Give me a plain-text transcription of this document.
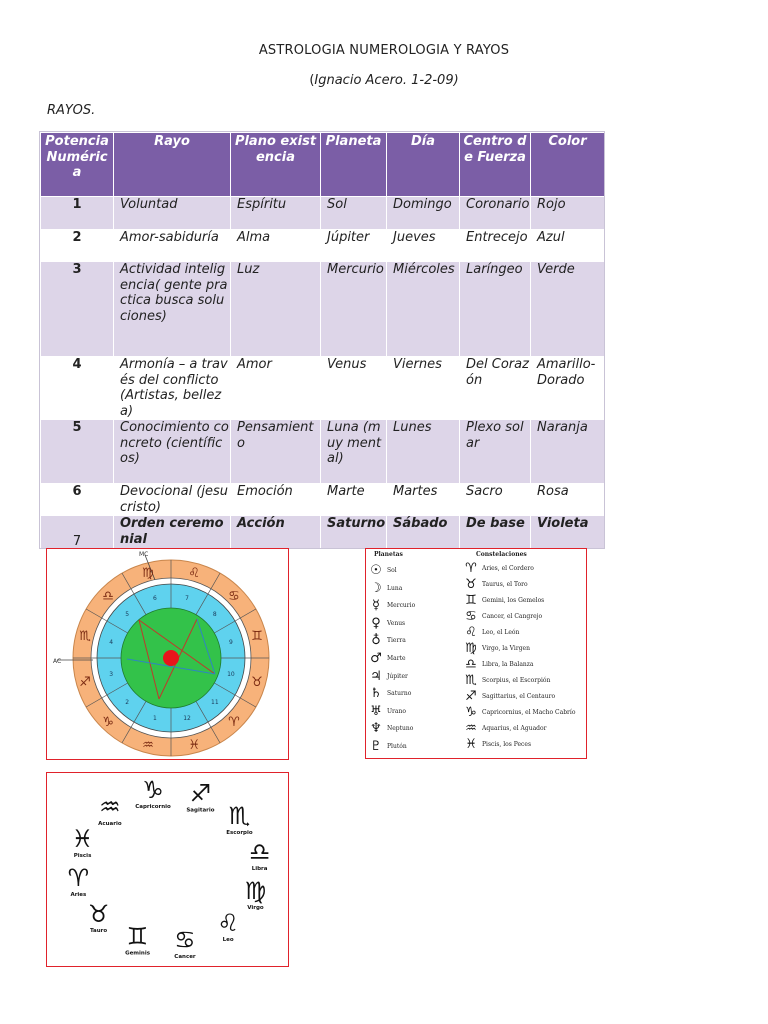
ASTROLOGIA NUMEROLOGIA Y RAYOS
(Ignacio Acero. 1-2-09)
RAYOS.
Potencia Numérica	Rayo	Plano existencia	Planeta	Día	Centro de Fuerza	Color
1	Voluntad	Espíritu	Sol	Domingo	Coronario	Rojo
2	Amor-sabiduría	Alma	Júpiter	Jueves	Entrecejo	Azul
3	Actividad inteligencia( gente practica busca soluciones)	Luz	Mercurio	Miércoles	Laríngeo	Verde
4	Armonía – a través del conflicto(Artistas, belleza)	Amor	Venus	Viernes	Del Corazón	Amarillo-Dorado
5	Conocimiento concreto (científicos)	Pensamiento	Luna (muy mental)	Lunes	Plexo solar	Naranja
6	Devocional (jesucristo)	Emoción	Marte	Martes	Sacro	Rosa
7	Orden ceremonial	Acción	Saturno	Sábado	De base	Violeta
AC
MC
♍	♌
♋
♊
♉
♈
♓
♒
♑
♐
♏
♎
10
11
12
1
2
3
4
5
6	7
8
9
Planetas	Constelaciones
☉ Sol
☽ Luna
☿	Mercurio
♀	Venus
♁	Tierra
♂ Marte
♃ Júpiter
♄ Saturno
♅ Urano
♆ Neptuno
♇ Plutón
♈ Aries, el Cordero
♉ Taurus, el Toro
♊ Gemini, los Gemelos
♋ Cancer, el Cangrejo
♌ Leo, el León
♍ Virgo, la Virgen
♎ Libra, la Balanza
♏ Scorpius, el Escorpión
♐ Sagittarius, el Centauro
♑ Capricornius, el Macho Cabrío
♒ Aquarius, el Aguador
♓ Piscis, los Peces
♑
Capricornio ♐
Sagitario ♏
Escorpio
♎
Libra
♍
Virgo
♌
Leo
♋
Cancer
♊
Geminis
♉
Tauro
♈
Aries
♓
Piscis
♒
Acuario
